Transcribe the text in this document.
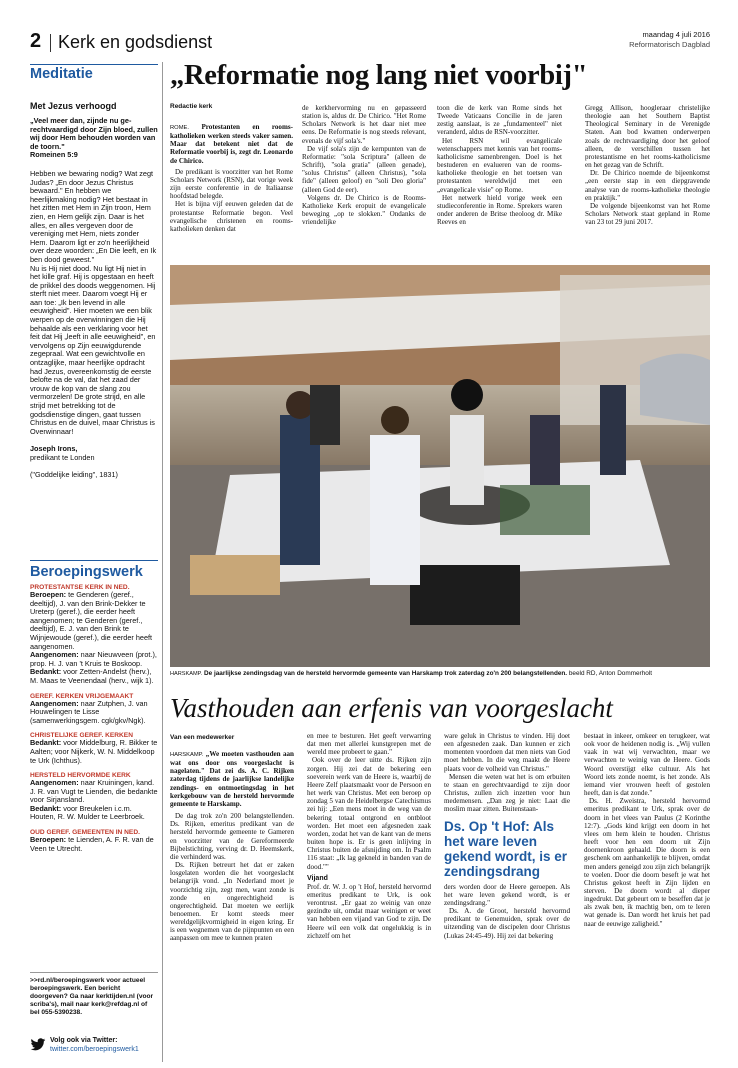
2 Kerk en godsdienst	maandag 4 juli 2016
Reformatorisch Dagblad
Meditatie
Met Jezus verhoogd
„Veel meer dan, zijnde nu ge-rechtvaardigd door Zijn bloed, zullen wij door Hem behouden worden van de toorn."
Romeinen 5:9

Hebben we bewaring nodig? Wat zegt Judas? „En door Jezus Christus bewaard." En hebben we heerlijkmaking nodig? Het bestaat in het zitten met Hem in Zijn troon, Hem zien, en Hem gelijk zijn. Daar is het alles, en alles vergeven door de vereniging met Hem, niets zonder Hem. Daarom ligt er zo'n heerlijkheid over deze woorden: „En Die leeft, en Ik ben dood geweest."

Nu is Hij niet dood. Nu ligt Hij niet in het kille graf. Hij is opgestaan en heeft de prikkel des doods weggenomen. Hij sterft niet meer. Daarom voegt Hij er aan toe: „Ik ben levend in alle eeuwigheid". Hier moeten we een blik werpen op de overwinningen die Hij behaalde als een verklaring voor het feit dat Hij „leeft in alle eeuwigheid", en vervolgens op Zijn eeuwigdurende zegepraal. Wat een gewichtvolle en ontzaglijke, maar heerlijke opdracht had Jezus, overeenkomstig de eerste belofte na de val, dat het zaad der vrouw de kop van de slang zou vermorzelen! De grote strijd, en alle strijd met betrekking tot de godsdienstige dingen, gaat tussen Christus en de duivel, maar Christus is Overwinnaar!

Joseph Irons,
predikant te Londen
("Goddelijke leiding", 1831)
Beroepingswerk
PROTESTANTSE KERK IN NED.

Beroepen: te Genderen (geref., deeltijd), J. van den Brink-Dekker te Ureterp (geref.), die eerder heeft aangenomen; te Genderen (geref., deeltijd), E. J. van den Brink te Wijnjewoude (geref.), die eerder heeft aangenomen.

Aangenomen: naar Nieuwveen (prot.), prop. H. J. van 't Kruis te Boskoop.

Bedankt: voor Zetten-Andelst (herv.), M. Maas te Veenendaal (herv., wijk 1).

GEREF. KERKEN VRIJGEMAAKT

Aangenomen: naar Zutphen, J. van Houwelingen te Lisse (samenwerkingsgem. cgk/gkv/Ngk).

CHRISTELIJKE GEREF. KERKEN

Bedankt: voor Middelburg, R. Bikker te Aalten; voor Nijkerk, W. N. Middelkoop te Urk (Ichthus).

HERSTELD HERVORMDE KERK

Aangenomen: naar Kruiningen, kand. J. R. van Vugt te Lienden, die bedankte voor Sirjansland.

Bedankt: voor Breukelen i.c.m. Houten, R. W. Mulder te Leerbroek.

OUD GEREF. GEMEENTEN IN NED.

Beroepen: te Lienden, A. F. R. van de Veen te Utrecht.

>>rd.nl/beroepingswerk voor actueel beroepingswerk. Een bericht doorgeven? Ga naar kerktijden.nl (voor scriba's), mail naar kerk@refdag.nl of bel 055-5390238.
Volg ook via Twitter:
twitter.com/beroepingswerk1
„Reformatie nog lang niet voorbij"
Redactie kerk

ROME. Protestanten en rooms-katholieken werken steeds vaker samen. Maar dat betekent niet dat de Reformatie voorbij is, zegt dr. Leonardo de Chirico.

De predikant is voorzitter van het Rome Scholars Network (RSN), dat vorige week zijn eerste conferentie in de Italiaanse hoofdstad belegde.

Het is bijna vijf eeuwen geleden dat de protestantse Reformatie begon. Veel evangelische christenen en rooms-katholieken denken dat

de kerkhervorming nu en gepasseerd station is, aldus dr. De Chirico. "Het Rome Scholars Network is het daar niet mee eens. De Reformatie is nog steeds relevant, evenals de vijf sola's."

De vijf sola's zijn de kernpunten van de Reformatie: "sola Scriptura" (alleen de Schrift), "sola gratia" (alleen genade), "solus Christus" (alleen Christus), "sola fide" (alleen geloof) en "soli Deo gloria" (alleen God de eer).

Volgens dr. De Chirico is de Rooms-Katholieke Kerk eropuit de evangelicale beweging „op te slokken." Ondanks de vriendelijke

toon die de kerk van Rome sinds het Tweede Vaticaans Concilie in de jaren zestig aanslaat, is ze „fundamenteel" niet veranderd, aldus de RSN-voorzitter.

Het RSN wil evangelicale wetenschappers met kennis van het rooms-katholicisme samenbrengen. Doel is het bestuderen en evalueren van de rooms-katholieke theologie en het toetsen van protestanten wereldwijd met een „evangelicale visie" op Rome.

Het netwerk hield vorige week een studieconferentie in Rome. Sprekers waren onder anderen de Britse theoloog dr. Mike Reeves en

Gregg Allison, hoogleraar christelijke theologie aan het Southern Baptist Theological Seminary in de Verenigde Staten. Aan bod kwamen onderwerpen zoals de rechtvaardiging door het geloof alleen, de verschillen tussen het protestantisme en het rooms-katholicisme en het gezag van de Schrift.

Dr. De Chirico noemde de bijeenkomst „een eerste stap in een diepgravende analyse van de rooms-katholieke theologie en praktijk."

De volgende bijeenkomst van het Rome Scholars Network staat gepland in Rome van 23 tot 29 juni 2017.

HARSKAMP. De jaarlijkse zendingsdag van de hersteld hervormde gemeente van Harskamp trok zaterdag zo'n 200 belangstellenden. beeld RD, Anton Dommerholt
Vasthouden aan erfenis van voorgeslacht
Van een medewerker

HARSKAMP. „We moeten vasthouden aan wat ons door ons voorgeslacht is nagelaten." Dat zei ds. A. C. Rijken zaterdag tijdens de jaarlijkse landelijke zendings- en ontmoetingsdag in het kerkgebouw van de hersteld hervormde gemeente te Harskamp.

De dag trok zo'n 200 belangstellenden. Ds. Rijken, emeritus predikant van de hersteld hervormde gemeente te Gameren en voorzitter van de Gereformeerde Bijbelstichting, verving dr. D. Heemskerk, die verhinderd was.

Ds. Rijken betreurt het dat er zaken losgelaten worden die het voorgeslacht belangrijk vond. „In Nederland moet je voorzichtig zijn, zegt men, want zonde is zonde en ongerechtigheid is ongerechtigheid. Dat moeten we eerlijk benoemen. Er komt steeds meer wereldgelijkvormigheid in eigen kring. Er is een wegnemen van de pijnpunten en een aanpassen om mee te kunnen praten

en mee te besturen. Het geeft verwarring dat men met allerlei kunstgrepen met de wereld mee probeert te gaan."

Ook over de leer uitte ds. Rijken zijn zorgen. Hij zei dat de bekering een soeverein werk van de Heere is, waarbij de Heere Zelf plaatsmaakt voor de Persoon en het werk van Christus. Met een beroep op zondag 5 van de Heidelbergse Catechismus zei hij: „Een mens moet in de weg van de bekering totaal ontgrond en ontbloot worden. Het moet een afgesneden zaak worden, zodat het van de kant van de mens buiten hope is. Er is geen inlijving in Christus buiten de afsnijding om. In Psalm 116 staat: „Ik lag gekneld in banden van de dood.""

Vijand

Prof. dr. W. J. op 't Hof, hersteld hervormd emeritus predikant te Urk, is ook verontrust. „Er gaat zo weinig van onze gezindte uit, omdat maar weinigen er weet van hebben een vijand van God te zijn. De Heere wil een volk dat ongelukkig is in zichzelf om het

ware geluk in Christus te vinden. Hij doet een afgesneden zaak. Dan kunnen er zich momenten voordoen dat men niets van God moet hebben. In die weg maakt de Heere plaats voor de volheid van Christus."

Mensen die weten wat het is om erbuiten te staan en gerechtvaardigd te zijn door Christus, zullen zich inzetten voor hun medemensen. „Dan zeg je niet: Laat die moslim maar zitten. Buitenstaan-

Ds. Op 't Hof: Als het ware leven gekend wordt, is er zendingsdrang

ders worden door de Heere geroepen. Als het ware leven gekend wordt, is er zendingsdrang."

Ds. A. de Groot, hersteld hervormd predikant te Genemuiden, sprak over de uitzending van de discipelen door Christus (Lukas 24:45-49). Hij zei dat bekering

bestaat in inkeer, omkeer en terugkeer, wat ook voor de heidenen nodig is. „Wij vullen vaak in wat wij verwachten, maar we verwachten te weinig van de Heere. Gods Woord overstijgt elke cultuur. Als het Woord iets zonde noemt, is het zonde. Als iemand vier vrouwen heeft of gestolen heeft, dan is dat zonde."

Ds. H. Zweistra, hersteld hervormd emeritus predikant te Urk, sprak over de doorn in het vlees van Paulus (2 Korinthe 12:7). „Gods kind krijgt een doorn in het vlees om hem klein te houden. Christus heeft voor hen een doorn uit Zijn doornenkroon gehaald. Die doorn is een geschenk om aanhankelijk te blijven, omdat men anders geneigd zou zijn zich belangrijk te voelen. Door die doorn beseft je wat het Christus gekost heeft in Zijn lijden en sterven. De doorn wordt al dieper ingedrukt. Dat gebeurt om te beseffen dat je als zwak ben, ik machtig ben, om te leren wat genade is. Dan wordt het kruis het pad naar de eeuwige zaligheid."
